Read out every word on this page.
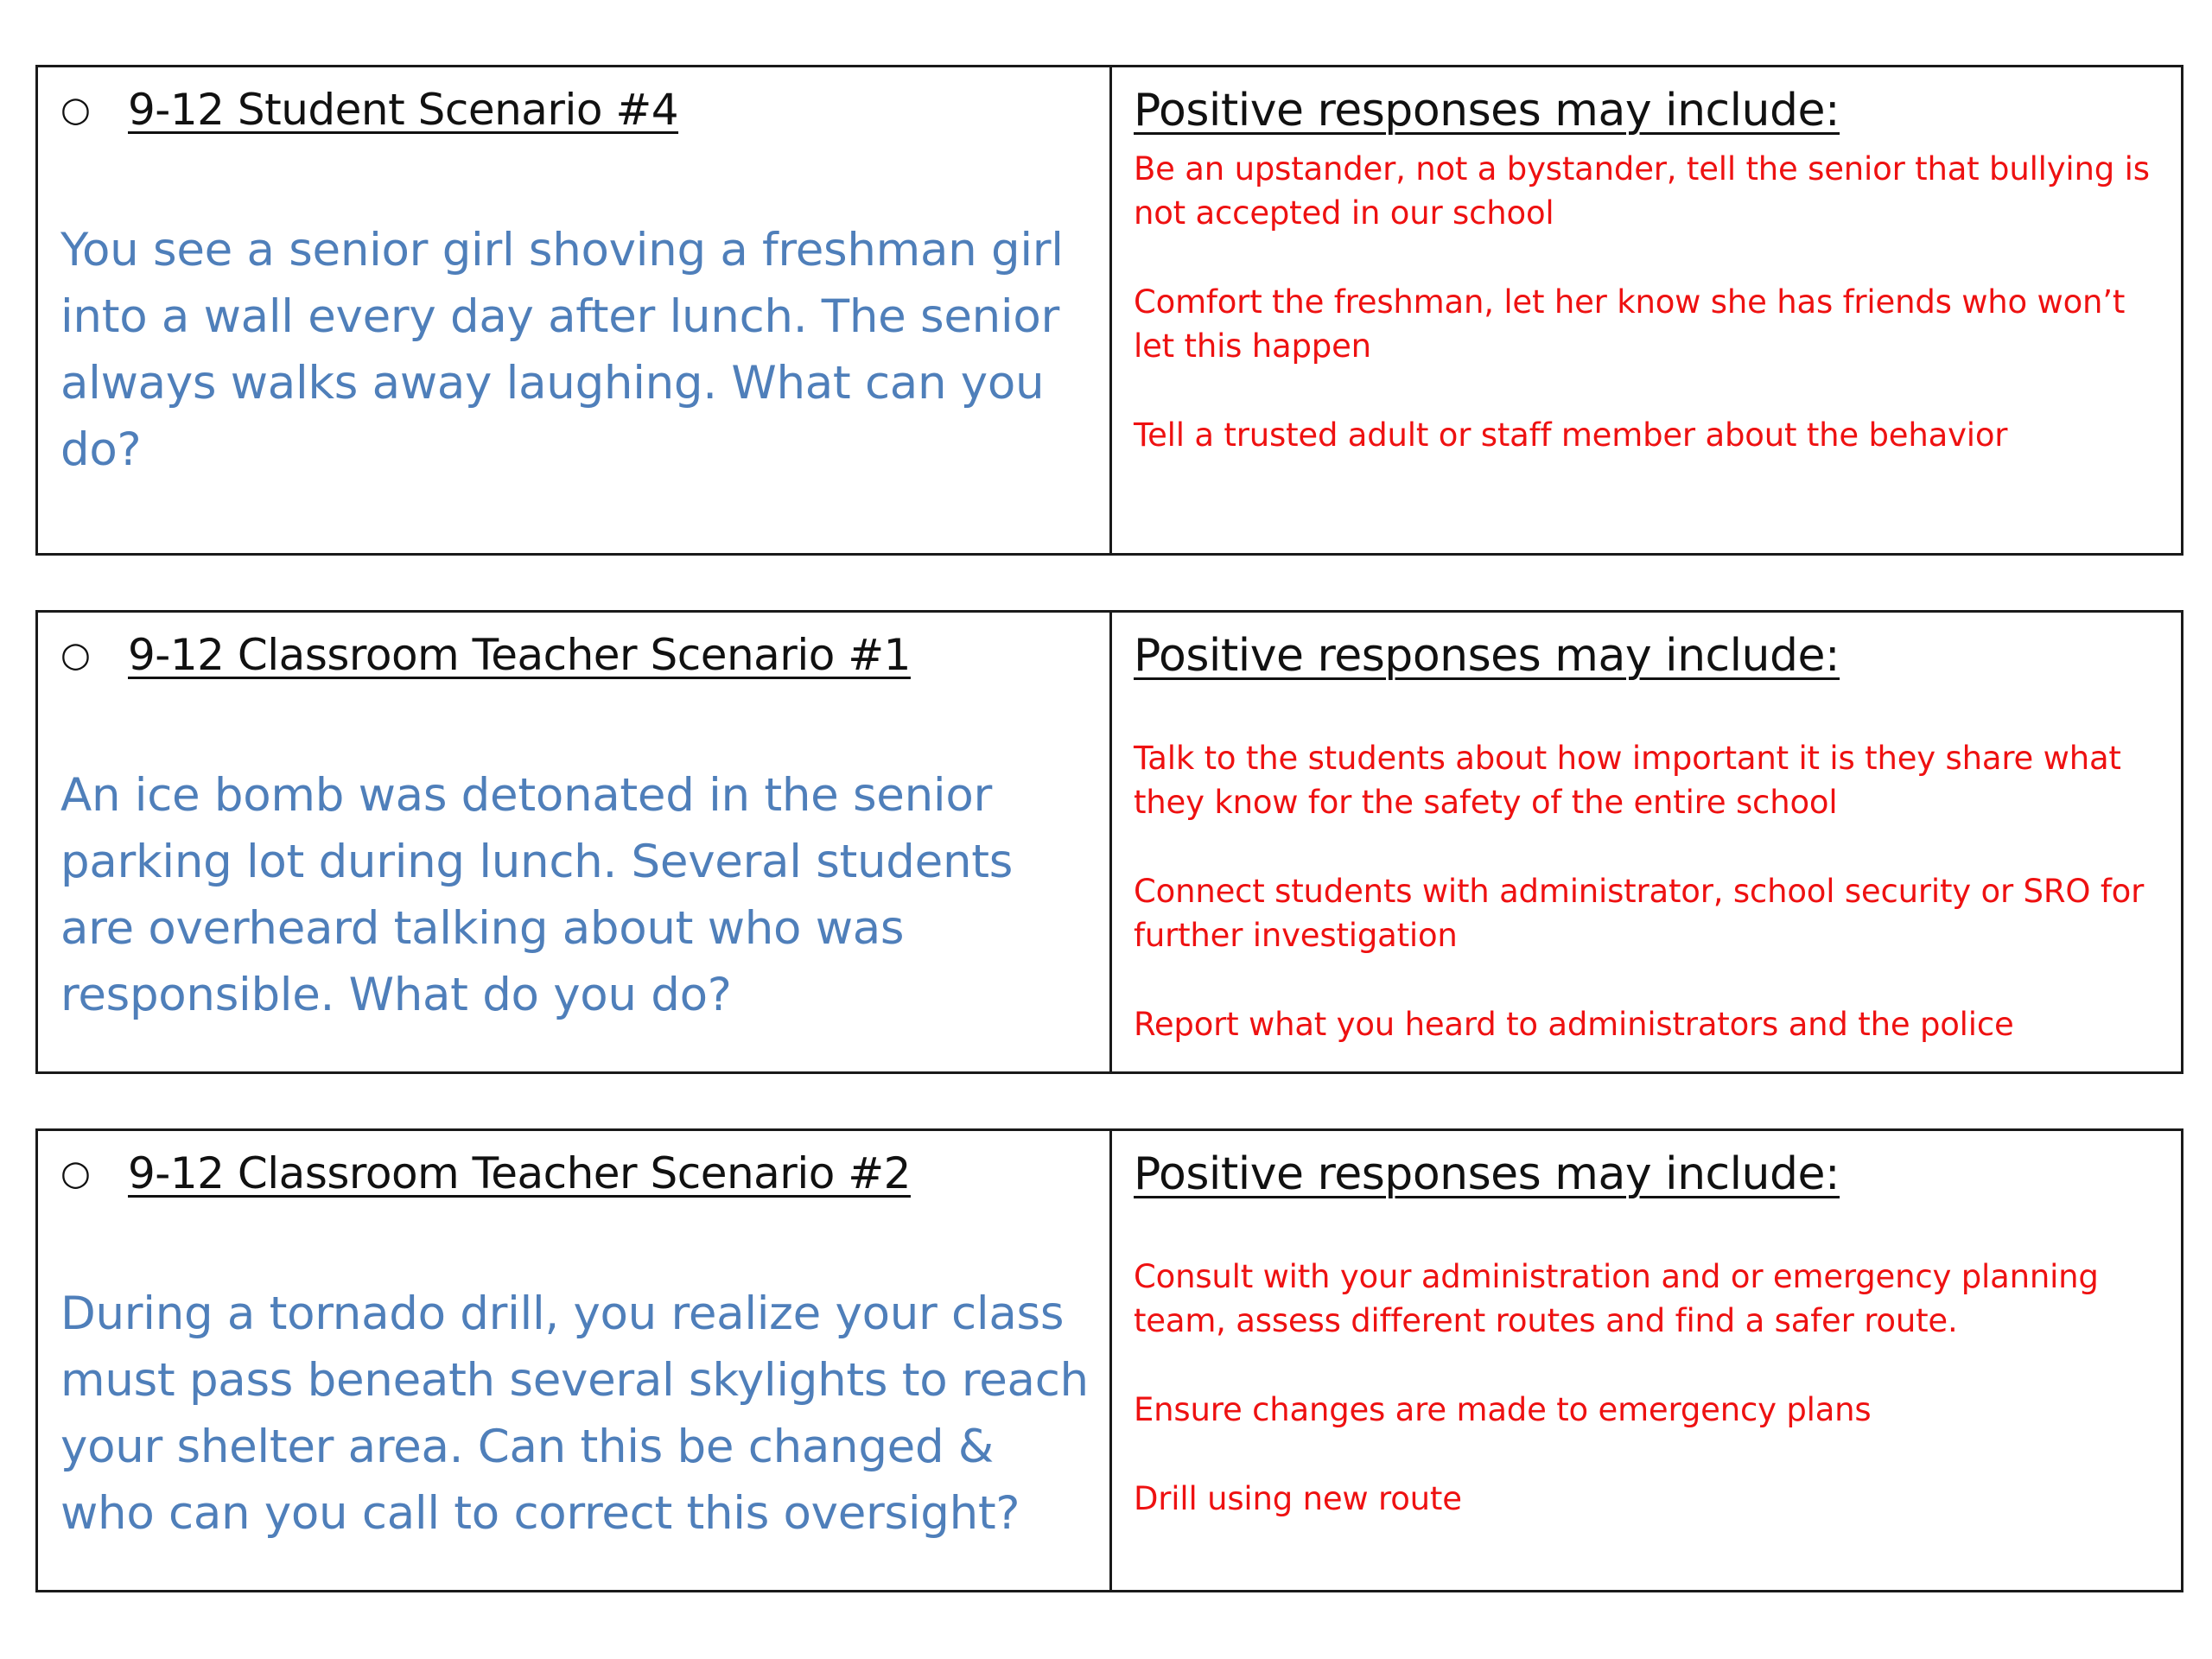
○ 9-12 Student Scenario #4
You see a senior girl shoving a freshman girl into a wall every day after lunch. The senior always walks away laughing. What can you do?
Positive responses may include:
Be an upstander, not a bystander, tell the senior that bullying is not accepted in our school
Comfort the freshman, let her know she has friends who won’t let this happen
Tell a trusted adult or staff member about the behavior
○ 9-12 Classroom Teacher Scenario #1
An ice bomb was detonated in the senior parking lot during lunch. Several students are overheard talking about who was responsible. What do you do?
Positive responses may include:
Talk to the students about how important it is they share what they know for the safety of the entire school
Connect students with administrator, school security or SRO for further investigation
Report what you heard to administrators and the police
○ 9-12 Classroom Teacher Scenario #2
During a tornado drill, you realize your class must pass beneath several skylights to reach your shelter area. Can this be changed & who can you call to correct this oversight?
Positive responses may include:
Consult with your administration and or emergency planning team, assess different routes and find a safer route.
Ensure changes are made to emergency plans
Drill using new route
